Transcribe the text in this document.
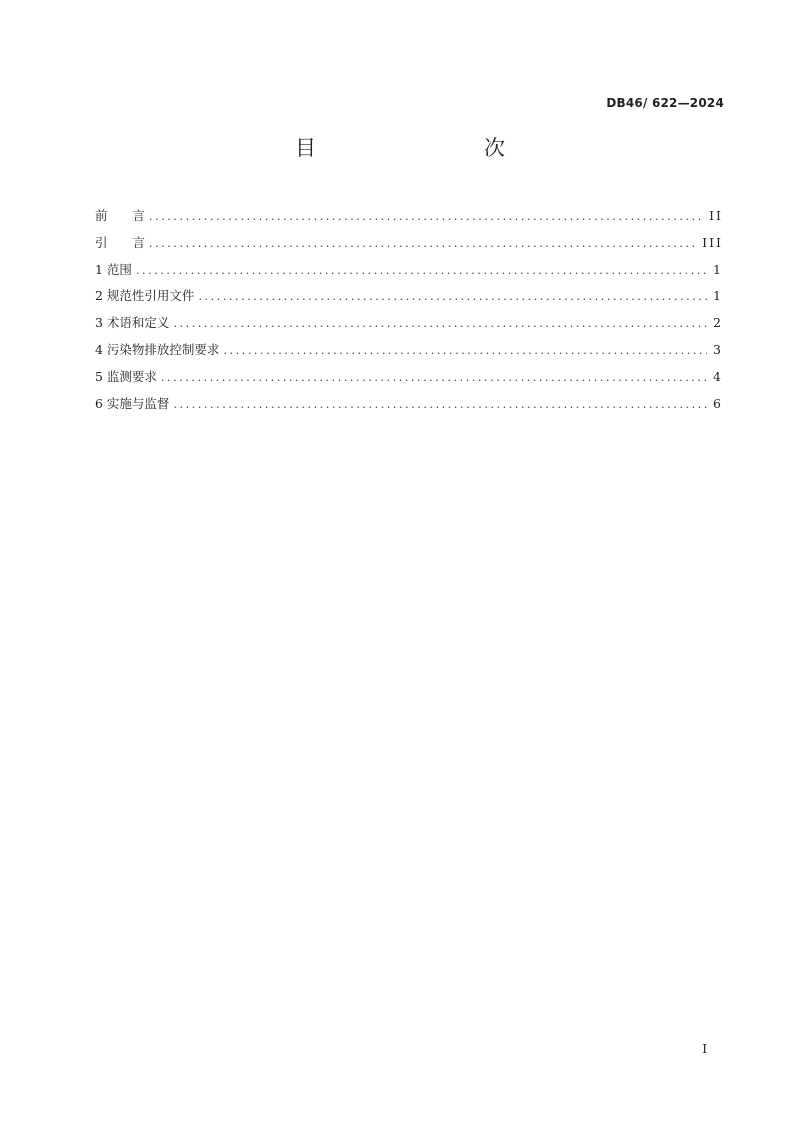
DB46/ 622—2024
目　　次
前　　言 .....	II
引　　言 .....	III
1 范围 .....	1
2 规范性引用文件 .....	1
3 术语和定义 .....	2
4 污染物排放控制要求 .....	3
5 监测要求 .....	4
6 实施与监督 .....	6
I
